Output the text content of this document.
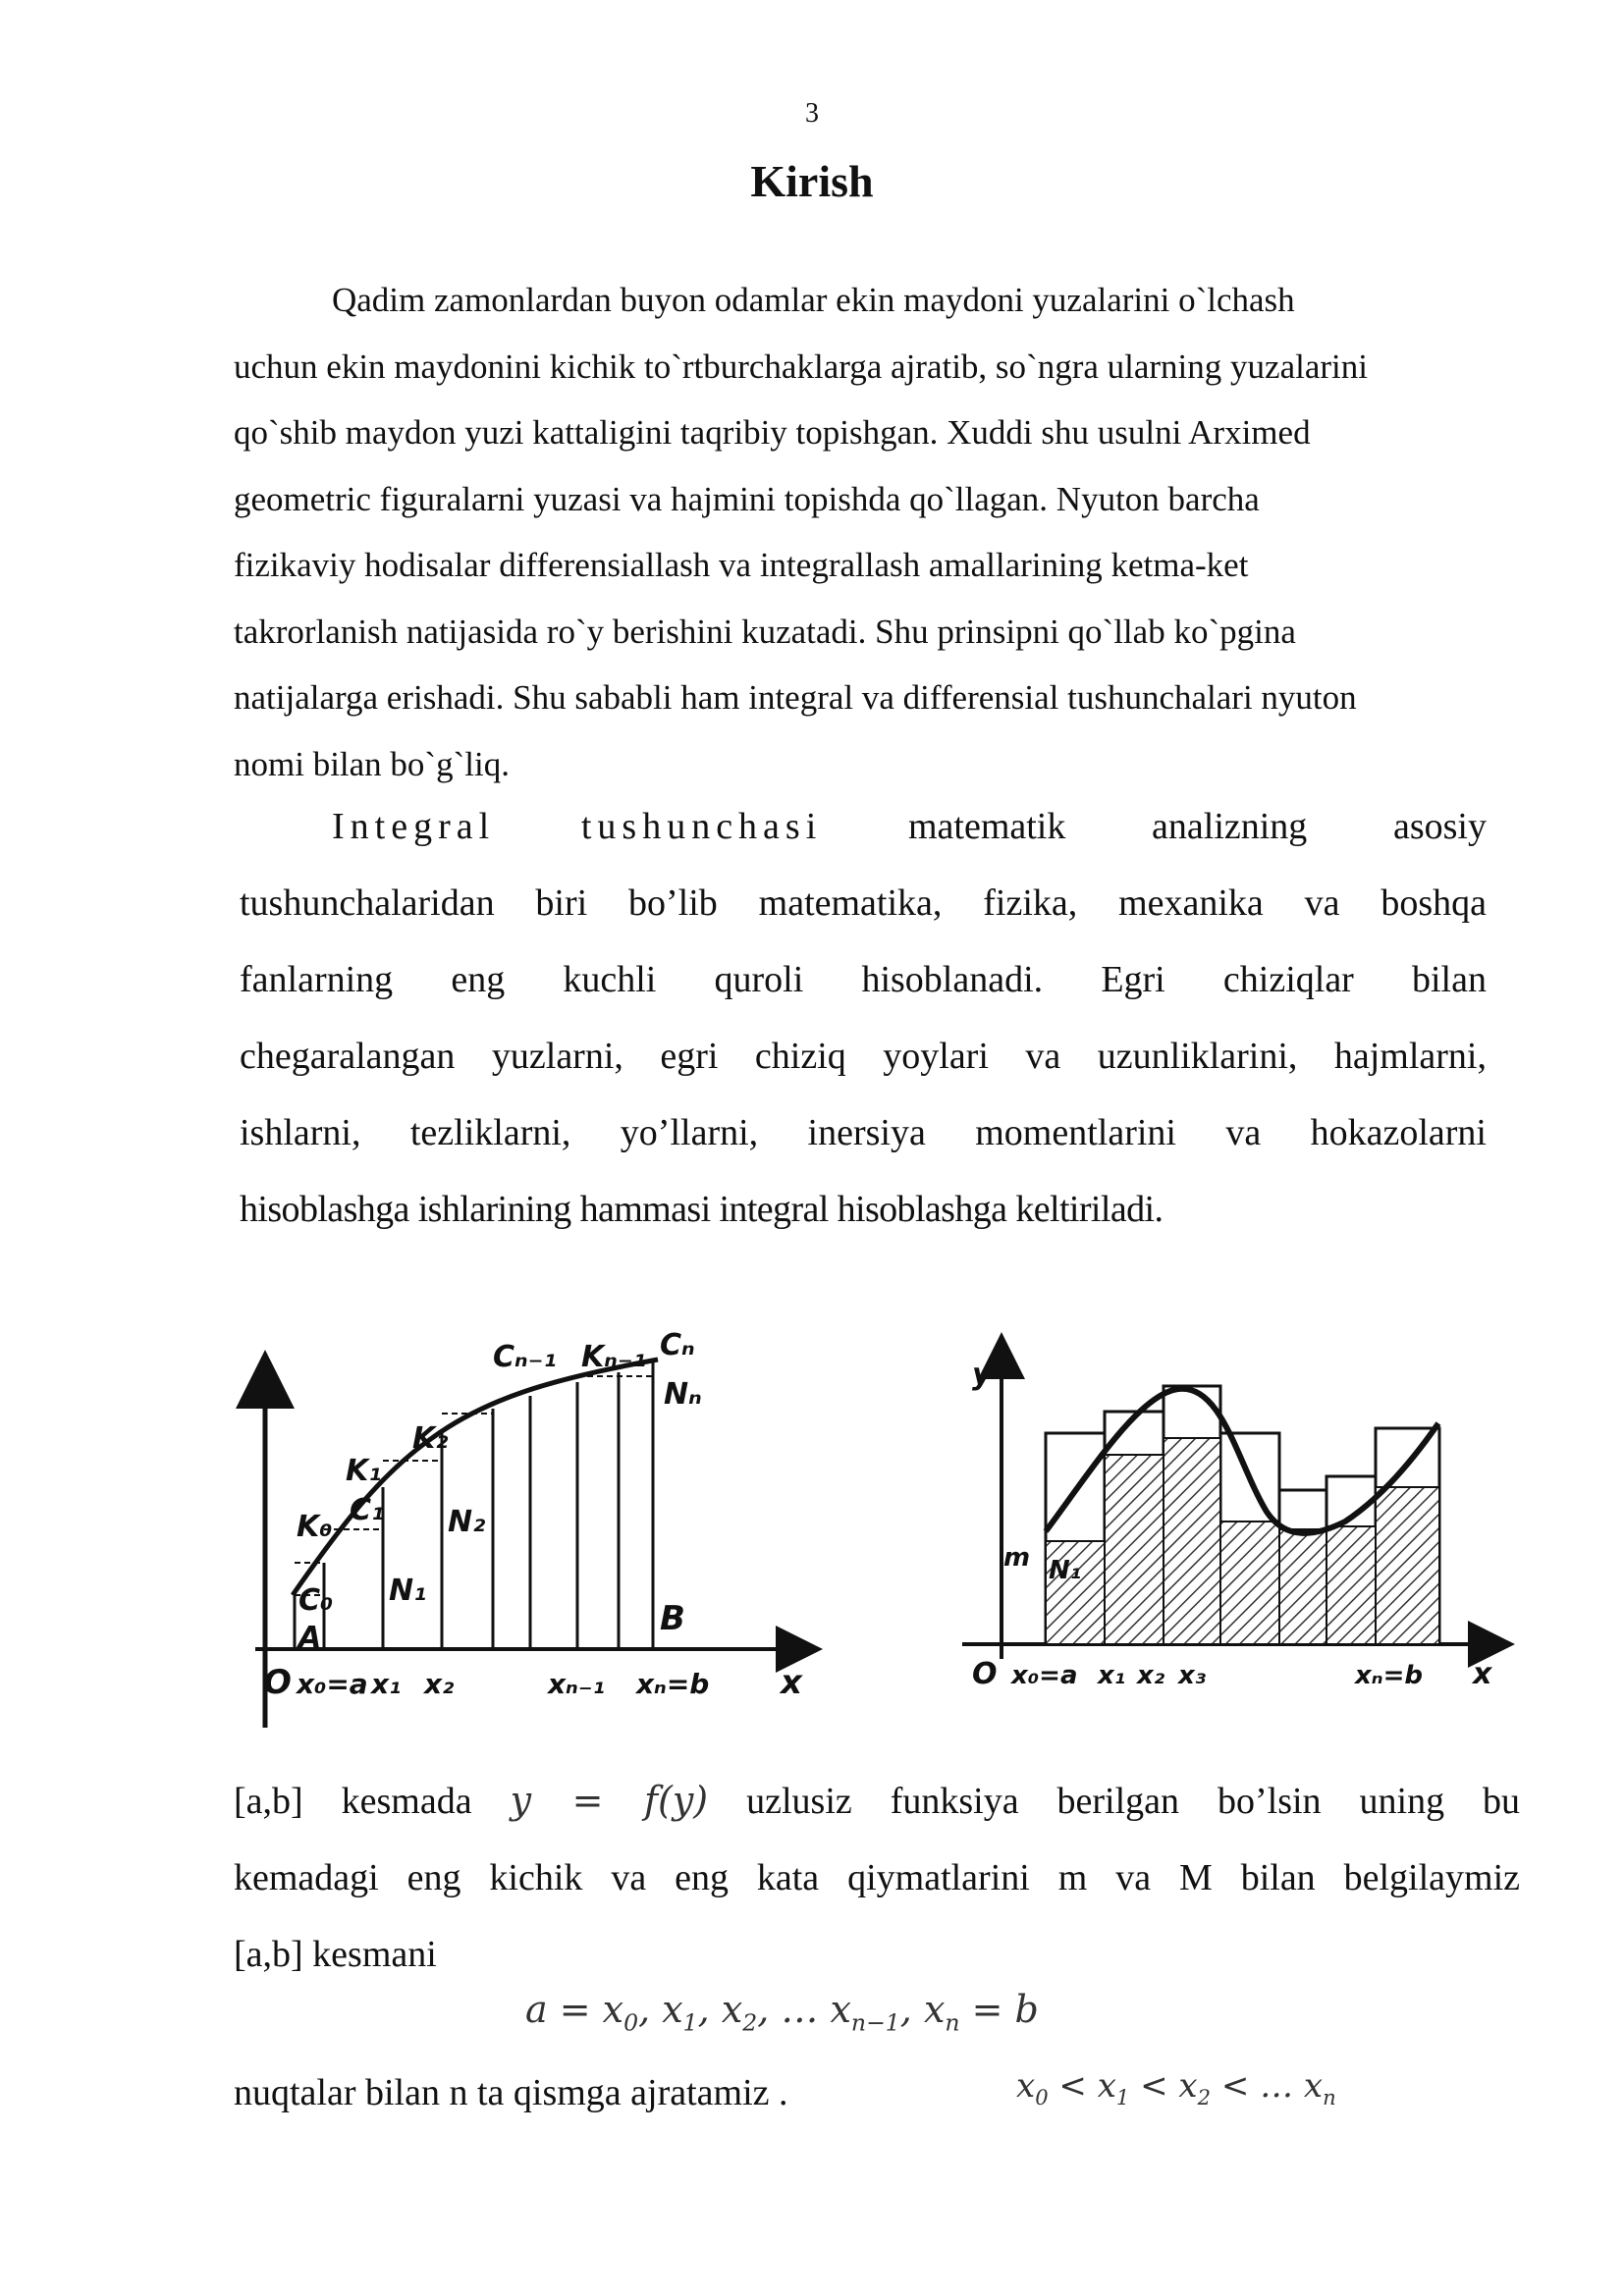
3
Kirish

Qadim zamonlardan buyon odamlar ekin maydoni yuzalarini o`lchash
uchun ekin maydonini kichik to`rtburchaklarga ajratib, so`ngra ularning yuzalarini
qo`shib maydon yuzi kattaligini taqribiy topishgan. Xuddi shu usulni Arximed
geometric figuralarni yuzasi va hajmini topishda qo`llagan. Nyuton barcha
fizikaviy hodisalar differensiallash va integrallash amallarining ketma-ket
takrorlanish natijasida ro`y berishini kuzatadi. Shu prinsipni qo`llab ko`pgina
natijalarga erishadi. Shu sababli ham integral va differensial tushunchalari nyuton
nomi bilan bo`g`liq.

Integral tushunchasi matematik analizning asosiy
tushunchalaridan biri bo’lib matematika, fizika, mexanika va boshqa
fanlarning eng kuchli quroli hisoblanadi. Egri chiziqlar bilan
chegaralangan yuzlarni, egri chiziq yoylari va uzunliklarini, hajmlarni,
ishlarni, tezliklarni, yo’llarni, inersiya momentlarini va hokazolarni
hisoblashga ishlarining hammasi integral hisoblashga keltiriladi.

y
O x₀=a x₁ x₂	xₙ₋₁ xₙ=b x
A	B
C₀
K₀ C₁
K₁
N₁
N₂
K₂
Cₙ₋₁ Kₙ₋₁ Cₙ
Nₙ
y
O
m N₁
x₀=a x₁ x₂ x₃	xₙ=b x

[a,b] kesmada y = f(y) uzlusiz funksiya berilgan bo’lsin uning bu
kemadagi eng kichik va eng kata qiymatlarini m va M bilan belgilaymiz
[a,b] kesmani

$a = x_0$, $x_1$, $x_2$, … $x_{n-1}$, $x_n = b$
nuqtalar bilan n ta qismga ajratamiz .	$x_0 < x_1 < x_2$ < … $x_n$
